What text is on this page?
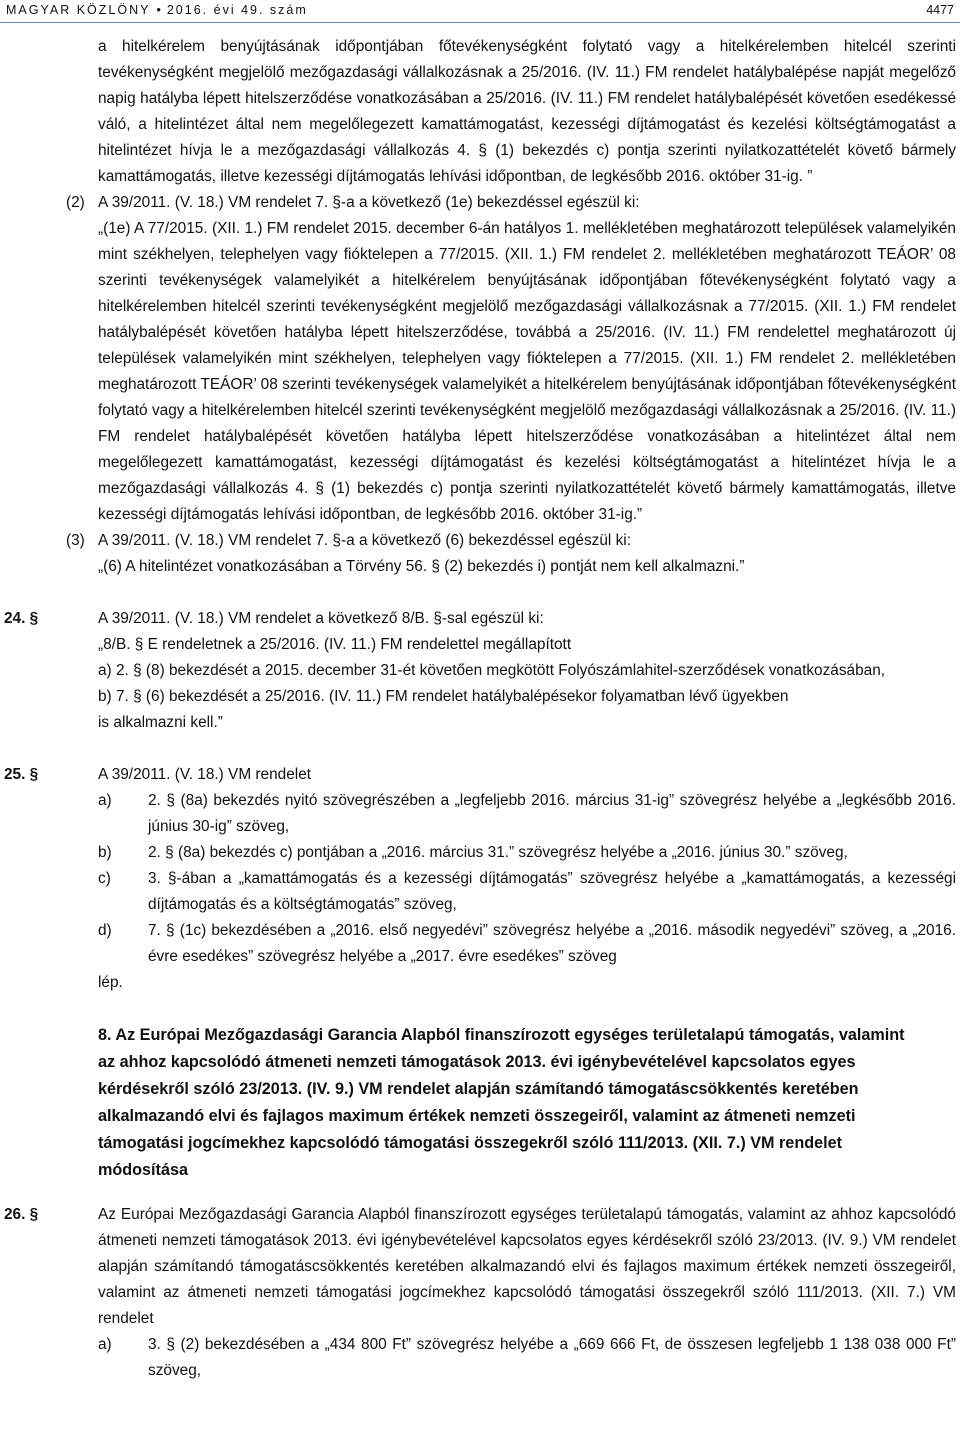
MAGYAR KÖZLÖNY • 2016. évi 49. szám	4477

a hitelkérelem benyújtásának időpontjában főtevékenységként folytató vagy a hitelkérelemben hitelcél szerinti tevékenységként megjelölő mezőgazdasági vállalkozásnak a 25/2016. (IV. 11.) FM rendelet hatálybalépése napját megelőző napig hatályba lépett hitelszerződése vonatkozásában a 25/2016. (IV. 11.) FM rendelet hatálybalépését követően esedékessé váló, a hitelintézet által nem megelőlegezett kamattámogatást, kezességi díjtámogatást és kezelési költségtámogatást a hitelintézet hívja le a mezőgazdasági vállalkozás 4. § (1) bekezdés c) pontja szerinti nyilatkozattételét követő bármely kamattámogatás, illetve kezességi díjtámogatás lehívási időpontban, de legkésőbb 2016. október 31-ig. ”

(2) A 39/2011. (V. 18.) VM rendelet 7. §-a a következő (1e) bekezdéssel egészül ki:

„(1e) A 77/2015. (XII. 1.) FM rendelet 2015. december 6-án hatályos 1. mellékletében meghatározott települések valamelyikén mint székhelyen, telephelyen vagy fióktelepen a 77/2015. (XII. 1.) FM rendelet 2. mellékletében meghatározott TEÁOR’ 08 szerinti tevékenységek valamelyikét a hitelkérelem benyújtásának időpontjában főtevékenységként folytató vagy a hitelkérelemben hitelcél szerinti tevékenységként megjelölő mezőgazdasági vállalkozásnak a 77/2015. (XII. 1.) FM rendelet hatálybalépését követően hatályba lépett hitelszerződése, továbbá a 25/2016. (IV. 11.) FM rendelettel meghatározott új települések valamelyikén mint székhelyen, telephelyen vagy fióktelepen a 77/2015. (XII. 1.) FM rendelet 2. mellékletében meghatározott TEÁOR’ 08 szerinti tevékenységek valamelyikét a hitelkérelem benyújtásának időpontjában főtevékenységként folytató vagy a hitelkérelemben hitelcél szerinti tevékenységként megjelölő mezőgazdasági vállalkozásnak a 25/2016. (IV. 11.) FM rendelet hatálybalépését követően hatályba lépett hitelszerződése vonatkozásában a hitelintézet által nem megelőlegezett kamattámogatást, kezességi díjtámogatást és kezelési költségtámogatást a hitelintézet hívja le a mezőgazdasági vállalkozás 4. § (1) bekezdés c) pontja szerinti nyilatkozattételét követő bármely kamattámogatás, illetve kezességi díjtámogatás lehívási időpontban, de legkésőbb 2016. október 31-ig.”

(3) A 39/2011. (V. 18.) VM rendelet 7. §-a a következő (6) bekezdéssel egészül ki:

„(6) A hitelintézet vonatkozásában a Törvény 56. § (2) bekezdés i) pontját nem kell alkalmazni.”

24. §	A 39/2011. (V. 18.) VM rendelet a következő 8/B. §-sal egészül ki:

„8/B. § E rendeletnek a 25/2016. (IV. 11.) FM rendelettel megállapított

a) 2. § (8) bekezdését a 2015. december 31-ét követően megkötött Folyószámlahitel-szerződések vonatkozásában,

b) 7. § (6) bekezdését a 25/2016. (IV. 11.) FM rendelet hatálybalépésekor folyamatban lévő ügyekben

is alkalmazni kell.”

25. §	A 39/2011. (V. 18.) VM rendelet

a) 2. § (8a) bekezdés nyitó szövegrészében a „legfeljebb 2016. március 31-ig” szövegrész helyébe a „legkésőbb 2016. június 30-ig” szöveg,

b) 2. § (8a) bekezdés c) pontjában a „2016. március 31.” szövegrész helyébe a „2016. június 30.” szöveg,

c) 3. §-ában a „kamattámogatás és a kezességi díjtámogatás” szövegrész helyébe a „kamattámogatás, a kezességi díjtámogatás és a költségtámogatás” szöveg,

d) 7. § (1c) bekezdésében a „2016. első negyedévi” szövegrész helyébe a „2016. második negyedévi” szöveg, a „2016. évre esedékes” szövegrész helyébe a „2017. évre esedékes” szöveg

lép.

8. Az Európai Mezőgazdasági Garancia Alapból finanszírozott egységes területalapú támogatás, valamint az ahhoz kapcsolódó átmeneti nemzeti támogatások 2013. évi igénybevételével kapcsolatos egyes kérdésekről szóló 23/2013. (IV. 9.) VM rendelet alapján számítandó támogatáscsökkentés keretében alkalmazandó elvi és fajlagos maximum értékek nemzeti összegeiről, valamint az átmeneti nemzeti támogatási jogcímekhez kapcsolódó támogatási összegekről szóló 111/2013. (XII. 7.) VM rendelet módosítása

26. §	Az Európai Mezőgazdasági Garancia Alapból finanszírozott egységes területalapú támogatás, valamint az ahhoz kapcsolódó átmeneti nemzeti támogatások 2013. évi igénybevételével kapcsolatos egyes kérdésekről szóló 23/2013. (IV. 9.) VM rendelet alapján számítandó támogatáscsökkentés keretében alkalmazandó elvi és fajlagos maximum értékek nemzeti összegeiről, valamint az átmeneti nemzeti támogatási jogcímekhez kapcsolódó támogatási összegekről szóló 111/2013. (XII. 7.) VM rendelet

a) 3. § (2) bekezdésében a „434 800 Ft” szövegrész helyébe a „669 666 Ft, de összesen legfeljebb 1 138 038 000 Ft” szöveg,
